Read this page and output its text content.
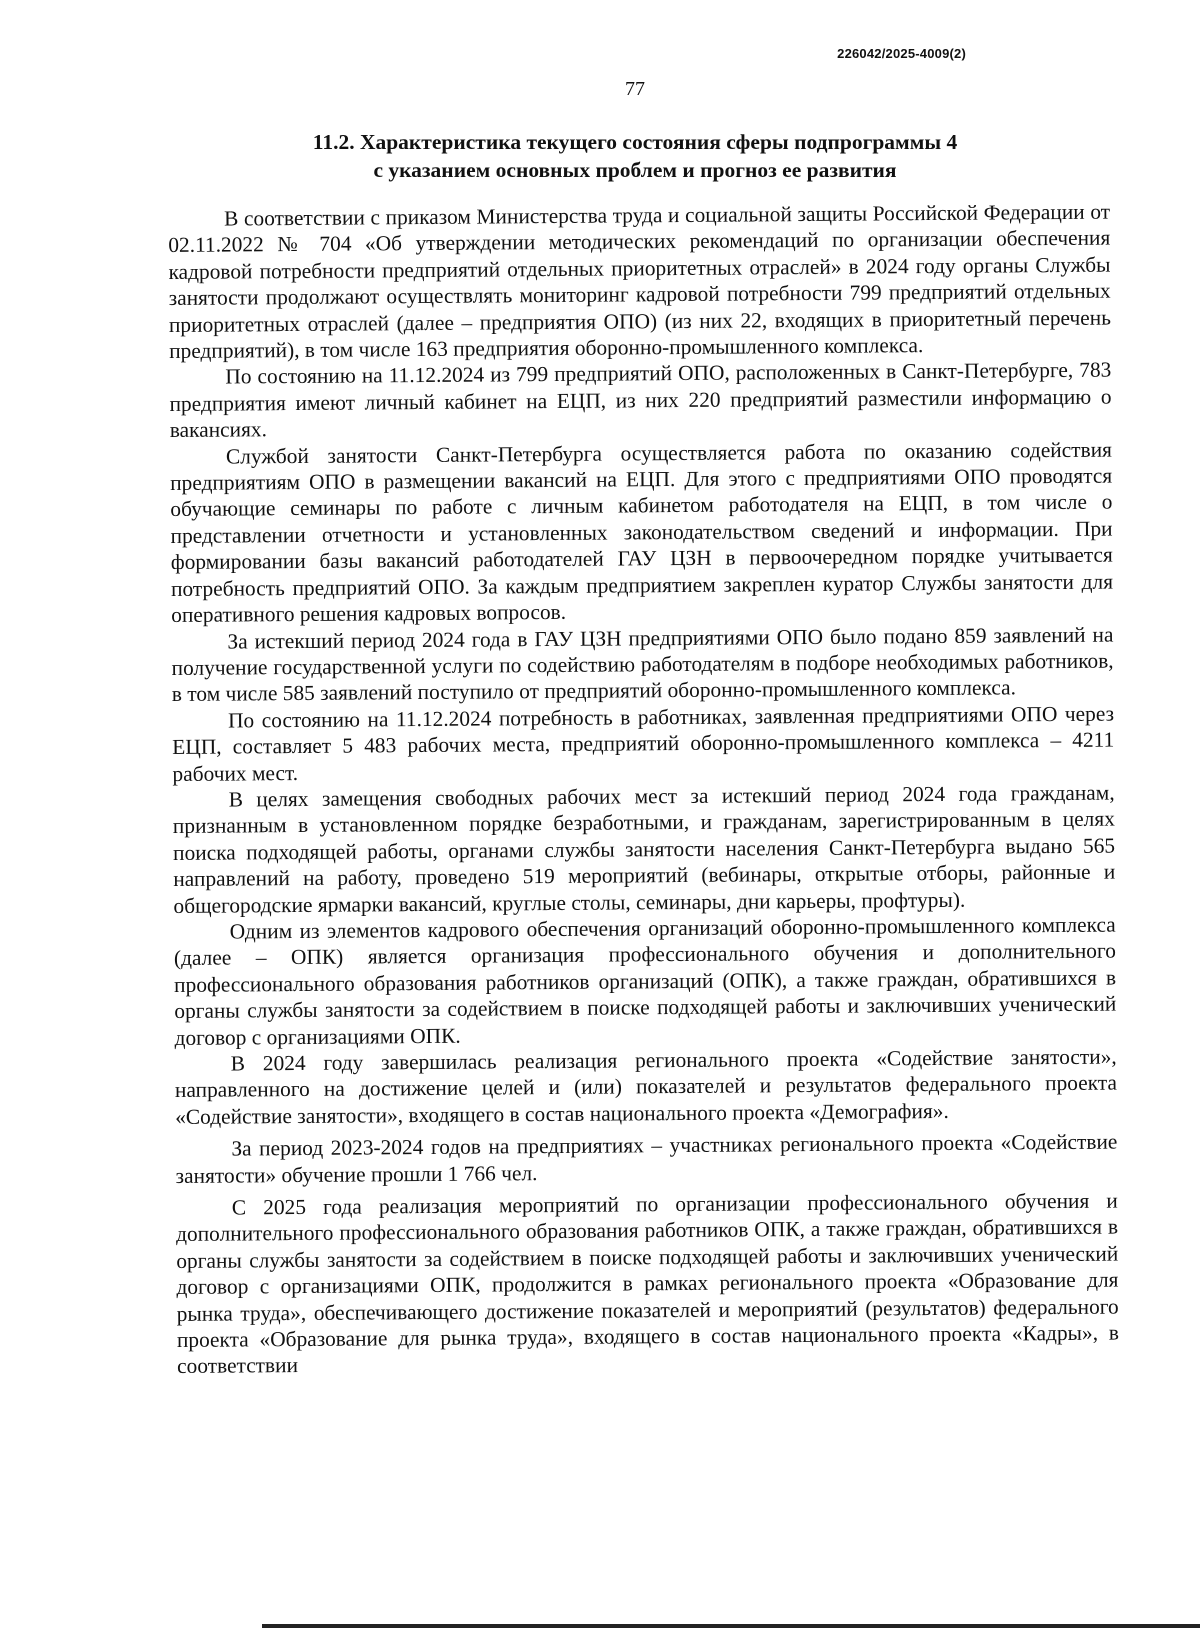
226042/2025-4009(2)
77
11.2. Характеристика текущего состояния сферы подпрограммы 4
с указанием основных проблем и прогноз ее развития

В соответствии с приказом Министерства труда и социальной защиты Российской Федерации от 02.11.2022 № 704 «Об утверждении методических рекомендаций по организации обеспечения кадровой потребности предприятий отдельных приоритетных отраслей» в 2024 году органы Службы занятости продолжают осуществлять мониторинг кадровой потребности 799 предприятий отдельных приоритетных отраслей (далее – предприятия ОПО) (из них 22, входящих в приоритетный перечень предприятий), в том числе 163 предприятия оборонно-промышленного комплекса.

По состоянию на 11.12.2024 из 799 предприятий ОПО, расположенных в Санкт-Петербурге, 783 предприятия имеют личный кабинет на ЕЦП, из них 220 предприятий разместили информацию о вакансиях.

Службой занятости Санкт-Петербурга осуществляется работа по оказанию содействия предприятиям ОПО в размещении вакансий на ЕЦП. Для этого с предприятиями ОПО проводятся обучающие семинары по работе с личным кабинетом работодателя на ЕЦП, в том числе о представлении отчетности и установленных законодательством сведений и информации. При формировании базы вакансий работодателей ГАУ ЦЗН в первоочередном порядке учитывается потребность предприятий ОПО. За каждым предприятием закреплен куратор Службы занятости для оперативного решения кадровых вопросов.

За истекший период 2024 года в ГАУ ЦЗН предприятиями ОПО было подано 859 заявлений на получение государственной услуги по содействию работодателям в подборе необходимых работников, в том числе 585 заявлений поступило от предприятий оборонно-промышленного комплекса.

По состоянию на 11.12.2024 потребность в работниках, заявленная предприятиями ОПО через ЕЦП, составляет 5 483 рабочих места, предприятий оборонно-промышленного комплекса – 4211 рабочих мест.

В целях замещения свободных рабочих мест за истекший период 2024 года гражданам, признанным в установленном порядке безработными, и гражданам, зарегистрированным в целях поиска подходящей работы, органами службы занятости населения Санкт-Петербурга выдано 565 направлений на работу, проведено 519 мероприятий (вебинары, открытые отборы, районные и общегородские ярмарки вакансий, круглые столы, семинары, дни карьеры, профтуры).

Одним из элементов кадрового обеспечения организаций оборонно-промышленного комплекса (далее – ОПК) является организация профессионального обучения и дополнительного профессионального образования работников организаций (ОПК), а также граждан, обратившихся в органы службы занятости за содействием в поиске подходящей работы и заключивших ученический договор с организациями ОПК.

В 2024 году завершилась реализация регионального проекта «Содействие занятости», направленного на достижение целей и (или) показателей и результатов федерального проекта «Содействие занятости», входящего в состав национального проекта «Демография».

За период 2023-2024 годов на предприятиях – участниках регионального проекта «Содействие занятости» обучение прошли 1 766 чел.

С 2025 года реализация мероприятий по организации профессионального обучения и дополнительного профессионального образования работников ОПК, а также граждан, обратившихся в органы службы занятости за содействием в поиске подходящей работы и заключивших ученический договор с организациями ОПК, продолжится в рамках регионального проекта «Образование для рынка труда», обеспечивающего достижение показателей и мероприятий (результатов) федерального проекта «Образование для рынка труда», входящего в состав национального проекта «Кадры», в соответствии
